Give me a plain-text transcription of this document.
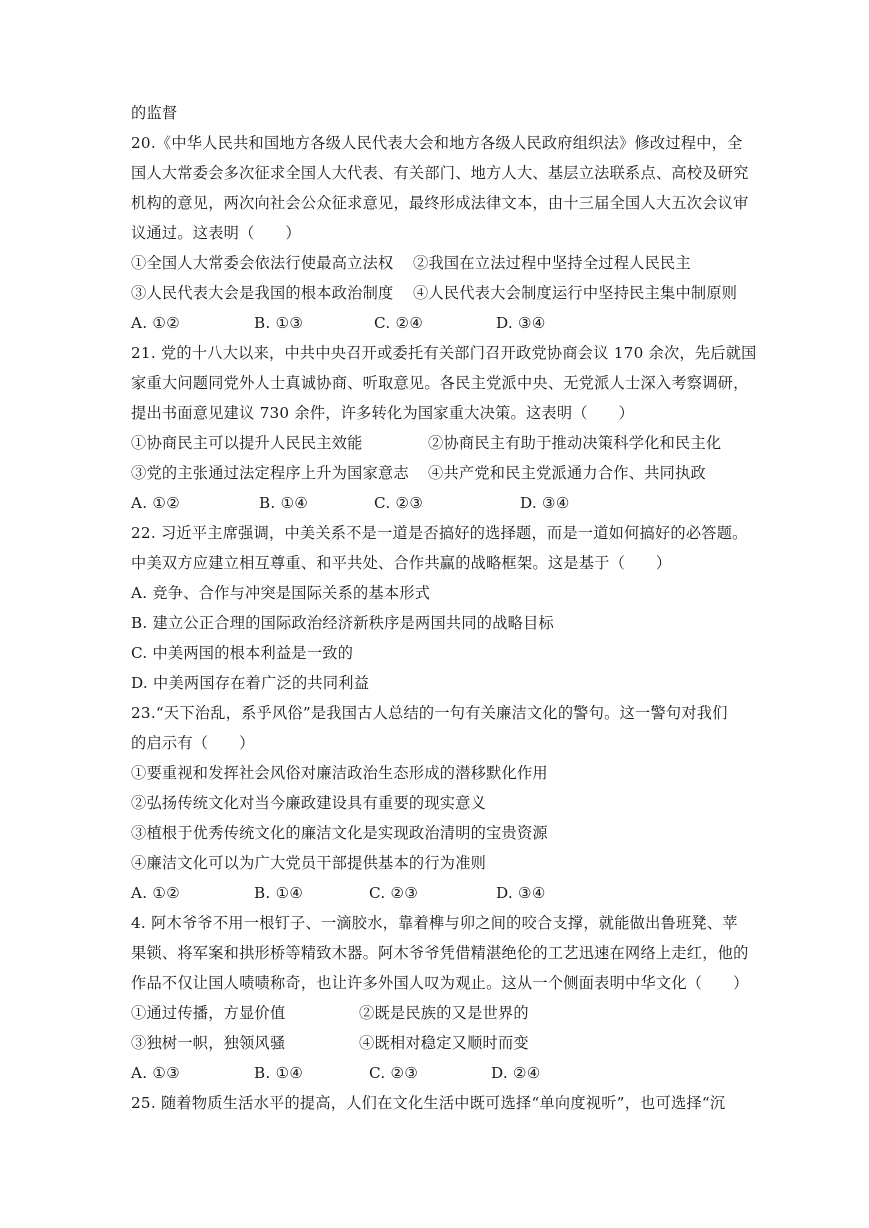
的监督
20.《中华人民共和国地方各级人民代表大会和地方各级人民政府组织法》修改过程中，全
国人大常委会多次征求全国人大代表、有关部门、地方人大、基层立法联系点、高校及研究
机构的意见，两次向社会公众征求意见，最终形成法律文本，由十三届全国人大五次会议审
议通过。这表明（　　）
①全国人大常委会依法行使最高立法权 ②我国在立法过程中坚持全过程人民民主
③人民代表大会是我国的根本政治制度 ④人民代表大会制度运行中坚持民主集中制原则
A. ①②	B. ①③	C. ②④	D. ③④
21. 党的十八大以来，中共中央召开或委托有关部门召开政党协商会议 170 余次，先后就国
家重大问题同党外人士真诚协商、听取意见。各民主党派中央、无党派人士深入考察调研，
提出书面意见建议 730 余件，许多转化为国家重大决策。这表明（　　）
①协商民主可以提升人民民主效能	②协商民主有助于推动决策科学化和民主化
③党的主张通过法定程序上升为国家意志 ④共产党和民主党派通力合作、共同执政
A. ①②	B. ①④	C. ②③	D. ③④
22. 习近平主席强调，中美关系不是一道是否搞好的选择题，而是一道如何搞好的必答题。
中美双方应建立相互尊重、和平共处、合作共赢的战略框架。这是基于（　　）
A. 竞争、合作与冲突是国际关系的基本形式
B. 建立公正合理的国际政治经济新秩序是两国共同的战略目标
C. 中美两国的根本利益是一致的
D. 中美两国存在着广泛的共同利益
23.“天下治乱，系乎风俗”是我国古人总结的一句有关廉洁文化的警句。这一警句对我们
的启示有（　　）
①要重视和发挥社会风俗对廉洁政治生态形成的潜移默化作用
②弘扬传统文化对当今廉政建设具有重要的现实意义
③植根于优秀传统文化的廉洁文化是实现政治清明的宝贵资源
④廉洁文化可以为广大党员干部提供基本的行为准则
A. ①②	B. ①④	C. ②③	D. ③④
4. 阿木爷爷不用一根钉子、一滴胶水，靠着榫与卯之间的咬合支撑，就能做出鲁班凳、苹
果锁、将军案和拱形桥等精致木器。阿木爷爷凭借精湛绝伦的工艺迅速在网络上走红，他的
作品不仅让国人啧啧称奇，也让许多外国人叹为观止。这从一个侧面表明中华文化（　　）
①通过传播，方显价值	②既是民族的又是世界的
③独树一帜，独领风骚	④既相对稳定又顺时而变
A. ①③	B. ①④	C. ②③	D. ②④
25. 随着物质生活水平的提高，人们在文化生活中既可选择“单向度视听”，也可选择“沉
